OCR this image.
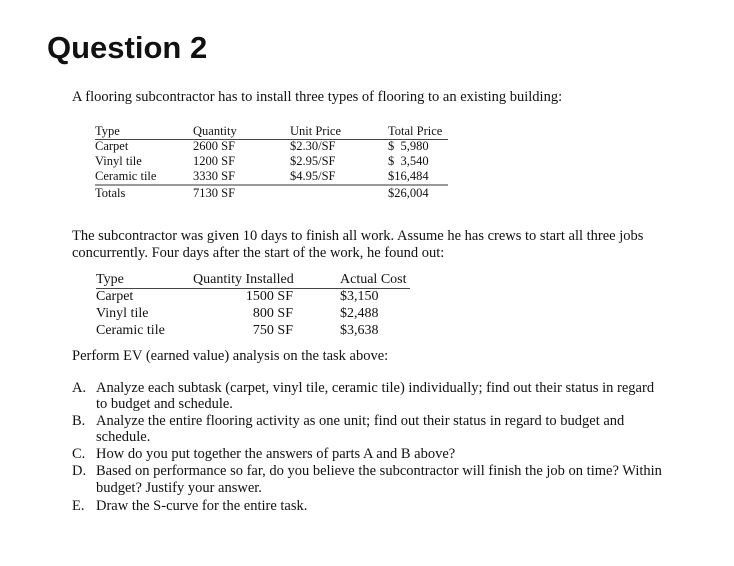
Question 2
A flooring subcontractor has to install three types of flooring to an existing building:
Type	Quantity	Unit Price	Total Price
Carpet	2600 SF	$2.30/SF	$  5,980
Vinyl tile	1200 SF	$2.95/SF	$  3,540
Ceramic tile	3330 SF	$4.95/SF	$16,484
Totals	7130 SF	$26,004
The subcontractor was given 10 days to finish all work. Assume he has crews to start all three jobs
concurrently. Four days after the start of the work, he found out:
Type	Quantity Installed	Actual Cost
Carpet	1500 SF	$3,150
Vinyl tile	800 SF	$2,488
Ceramic tile	750 SF	$3,638
Perform EV (earned value) analysis on the task above:
A. Analyze each subtask (carpet, vinyl tile, ceramic tile) individually; find out their status in regard
to budget and schedule.
B. Analyze the entire flooring activity as one unit; find out their status in regard to budget and
schedule.
C. How do you put together the answers of parts A and B above?
D. Based on performance so far, do you believe the subcontractor will finish the job on time? Within
budget? Justify your answer.
E. Draw the S-curve for the entire task.
